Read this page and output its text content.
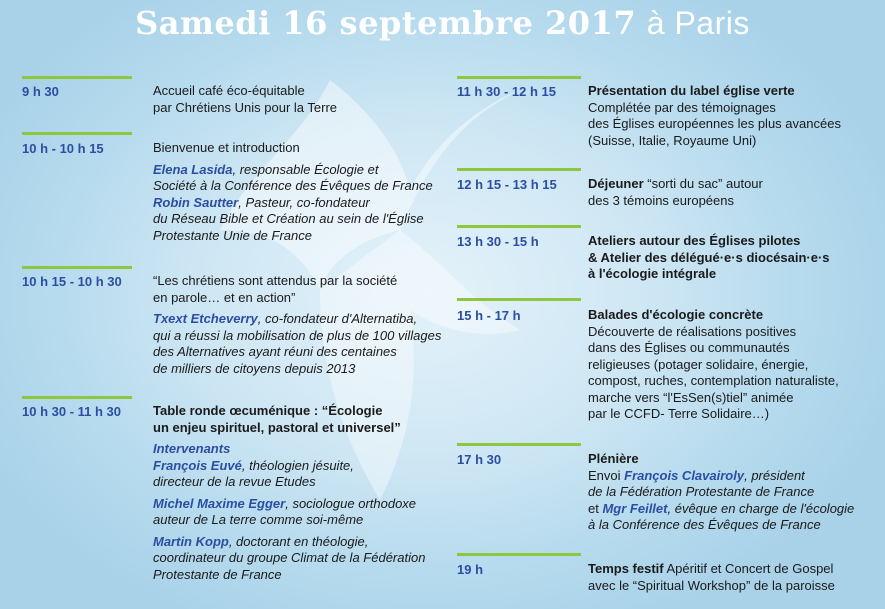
Samedi 16 septembre 2017 à Paris
9 h 30	Accueil café éco-équitable

par Chrétiens Unis pour la Terre

10 h - 10 h 15	Bienvenue et introduction

Elena Lasida, responsable Écologie et

Société à la Conférence des Évêques de France

Robin Sautter, Pasteur, co-fondateur

du Réseau Bible et Création au sein de l'Église

Protestante Unie de France

10 h 15 - 10 h 30 “Les chrétiens sont attendus par la société

en parole… et en action”

Txext Etcheverry, co-fondateur d'Alternatiba,

qui a réussi la mobilisation de plus de 100 villages

des Alternatives ayant réuni des centaines

de milliers de citoyens depuis 2013

10 h 30 - 11 h 30 Table ronde œcuménique : “Écologie

un enjeu spirituel, pastoral et universel”

Intervenants

François Euvé, théologien jésuite,

directeur de la revue Etudes

Michel Maxime Egger, sociologue orthodoxe

auteur de La terre comme soi-même

Martin Kopp, doctorant en théologie,

coordinateur du groupe Climat de la Fédération

Protestante de France

11 h 30 - 12 h 15 Présentation du label église verte

Complétée par des témoignages

des Églises européennes les plus avancées

(Suisse, Italie, Royaume Uni)

12 h 15 - 13 h 15 Déjeuner “sorti du sac” autour

des 3 témoins européens

13 h 30 - 15 h	Ateliers autour des Églises pilotes

& Atelier des délégué·e·s diocésain·e·s

à l'écologie intégrale

15 h - 17 h	Balades d'écologie concrète

Découverte de réalisations positives

dans des Églises ou communautés

religieuses (potager solidaire, énergie,

compost, ruches, contemplation naturaliste,

marche vers “l'EsSen(s)tiel” animée

par le CCFD- Terre Solidaire…)

17 h 30	Plénière

Envoi François Clavairoly, président

de la Fédération Protestante de France

et Mgr Feillet, évêque en charge de l'écologie

à la Conférence des Évêques de France

19 h	Temps festif Apéritif et Concert de Gospel

avec le “Spiritual Workshop” de la paroisse
